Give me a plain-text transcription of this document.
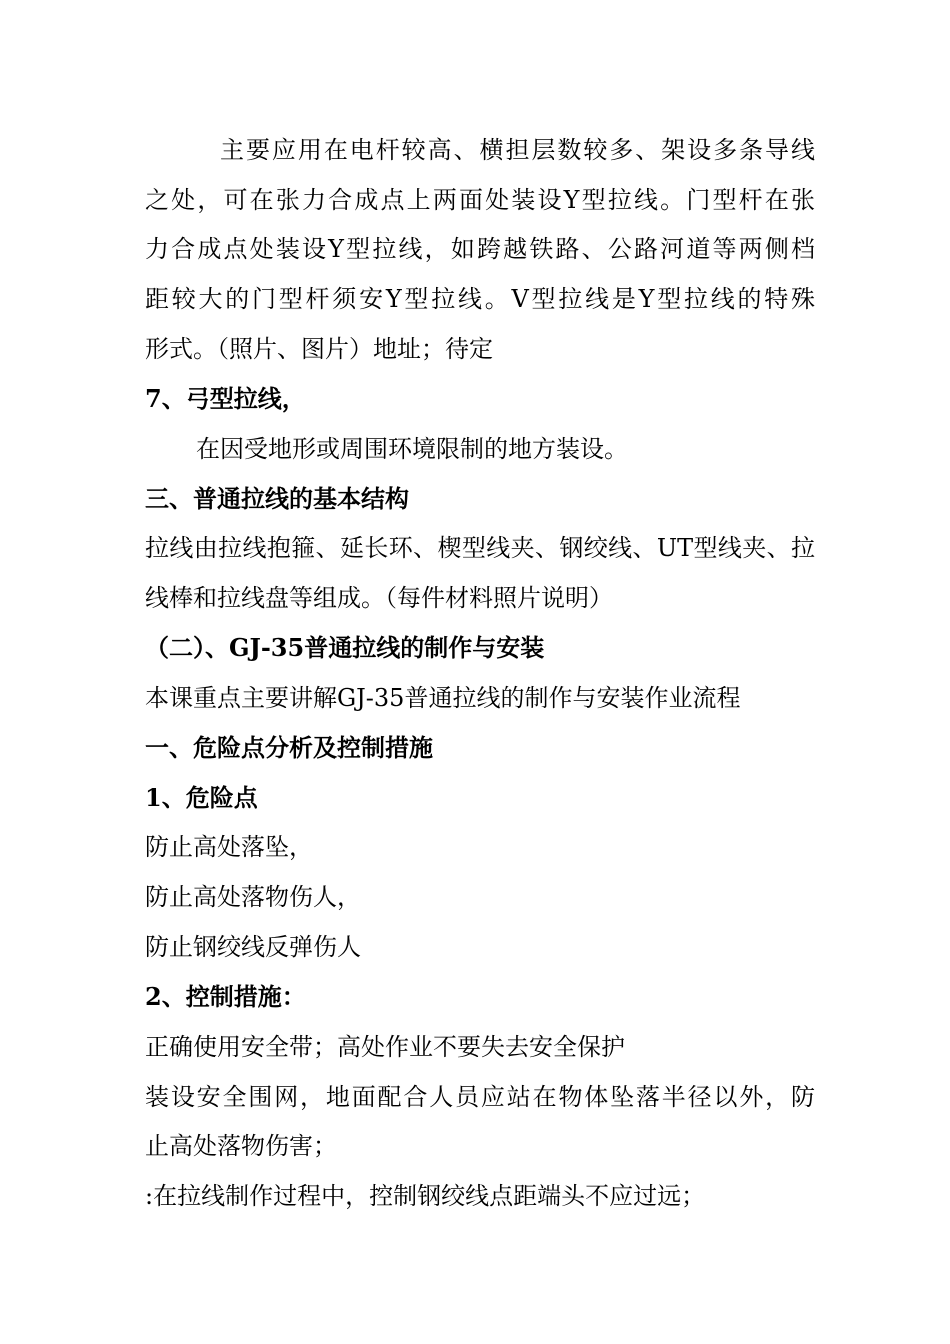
主要应用在电杆较高、横担层数较多、架设多条导线
之处，可在张力合成点上两面处装设Y型拉线。门型杆在张
力合成点处装设Y型拉线，如跨越铁路、公路河道等两侧档
距较大的门型杆须安Y型拉线。V型拉线是Y型拉线的特殊
形式。（照片、图片）地址；待定
7、弓型拉线，
在因受地形或周围环境限制的地方装设。
三、普通拉线的基本结构
拉线由拉线抱箍、延长环、楔型线夹、钢绞线、UT型线夹、拉
线棒和拉线盘等组成。（每件材料照片说明）
（二）、GJ-35普通拉线的制作与安装
本课重点主要讲解GJ-35普通拉线的制作与安装作业流程
一、危险点分析及控制措施
1、危险点
防止高处落坠，
防止高处落物伤人，
防止钢绞线反弹伤人
2、控制措施：
正确使用安全带；高处作业不要失去安全保护
装设安全围网，地面配合人员应站在物体坠落半径以外，防
止高处落物伤害；
:在拉线制作过程中，控制钢绞线点距端头不应过远；
